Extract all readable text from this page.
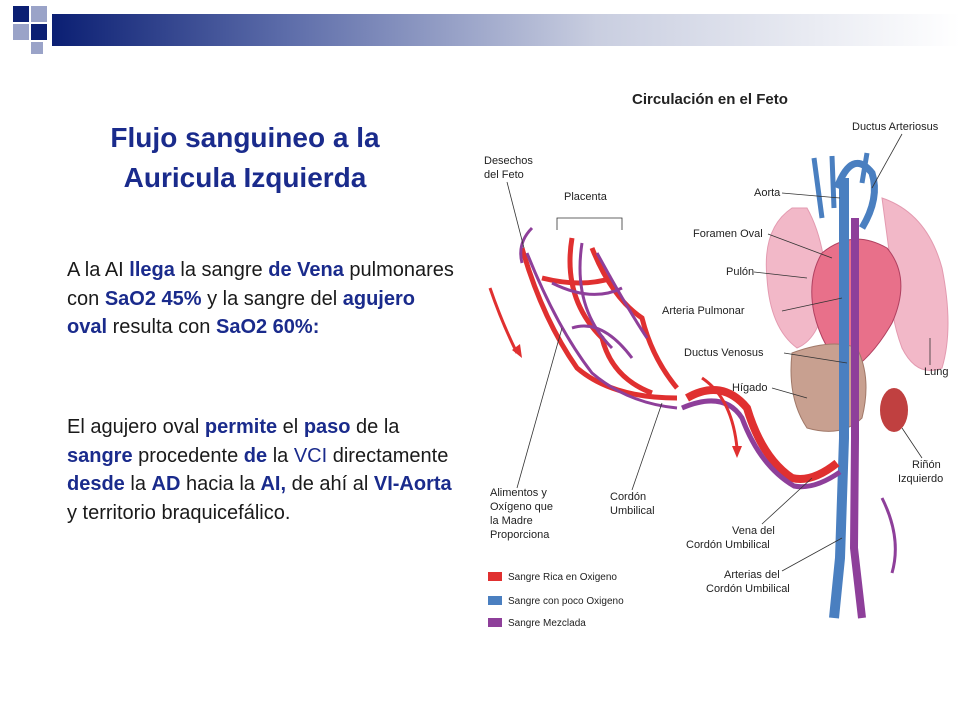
Flujo sanguineo a la
Auricula Izquierda

A la AI llega la sangre de Vena pulmonares con SaO2 45% y la sangre del agujero oval resulta con SaO2 60%:

El agujero oval permite el paso de la sangre procedente de la VCI directamente desde la AD hacia la AI, de ahí al VI-Aorta y territorio braquicefálico.

Circulación en el Feto
Ductus Arteriosus
Desechos
del Feto
Placenta	Aorta
Foramen Oval
Pulón
Arteria Pulmonar
Ductus Venosus
Hígado
Lung
Riñón
Izquierdo
Alimentos y
Oxígeno que
la Madre
Proporciona
Cordón
Umbilical
Vena del
Cordón Umbilical
Arterias del
Cordón Umbilical
Sangre Rica en Oxigeno
Sangre con poco Oxigeno
Sangre Mezclada
